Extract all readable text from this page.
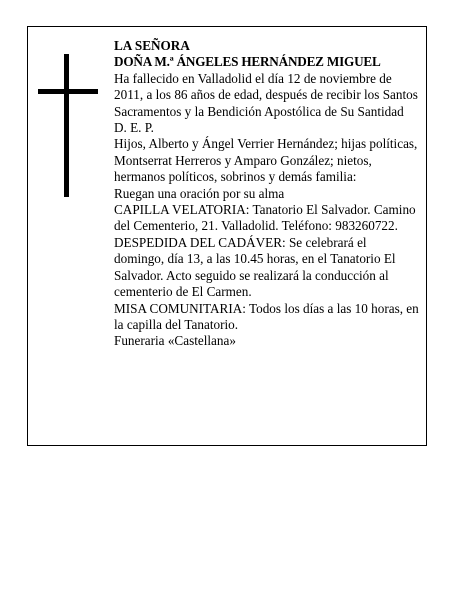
LA SEÑORA

DOÑA M.ª ÁNGELES HERNÁNDEZ MIGUEL

Ha fallecido en Valladolid el día 12 de noviembre de 2011, a los 86 años de edad, después de recibir los Santos Sacramentos y la Bendición Apostólica de Su Santidad

D. E. P.

Hijos, Alberto y Ángel Verrier Hernández; hijas políticas, Montserrat Herreros y Amparo González; nietos, hermanos políticos, sobrinos y demás familia:

Ruegan una oración por su alma

CAPILLA VELATORIA: Tanatorio El Salvador. Camino del Cementerio, 21. Valladolid. Teléfono: 983260722.

DESPEDIDA DEL CADÁVER: Se celebrará el domingo, día 13, a las 10.45 horas, en el Tanatorio El Salvador. Acto seguido se realizará la conducción al cementerio de El Carmen.

MISA COMUNITARIA: Todos los días a las 10 horas, en la capilla del Tanatorio.

Funeraria «Castellana»
